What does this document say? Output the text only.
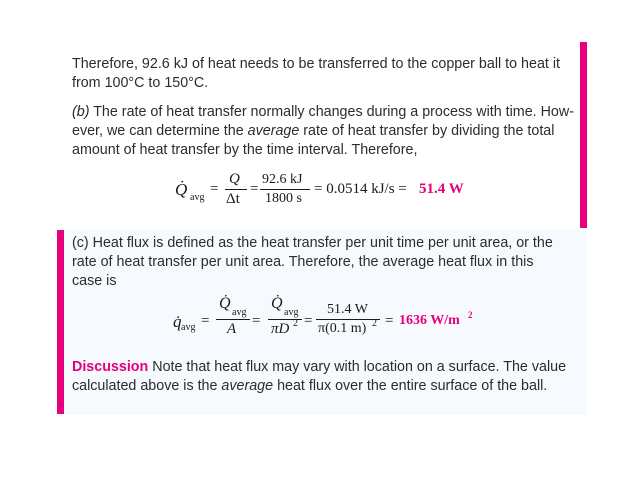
Therefore, 92.6 kJ of heat needs to be transferred to the copper ball to heat it

from 100°C to 150°C.

(b) The rate of heat transfer normally changes during a process with time. How-

ever, we can determine the average rate of heat transfer by dividing the total

amount of heat transfer by the time interval. Therefore,

Q̇ avg
=
Q
Δt
=
92.6 kJ
1800 s
= 0.0514 kJ/s = 51.4 W

(c) Heat flux is defined as the heat transfer per unit time per unit area, or the

rate of heat transfer per unit area. Therefore, the average heat flux in this

case is

q̇ avg =
Q̇
avg
A =
Q̇
avg
πD 2 =
51.4 W
π(0.1 m) 2 = 1636 W/m 2

Discussion Note that heat flux may vary with location on a surface. The value

calculated above is the average heat flux over the entire surface of the ball.
